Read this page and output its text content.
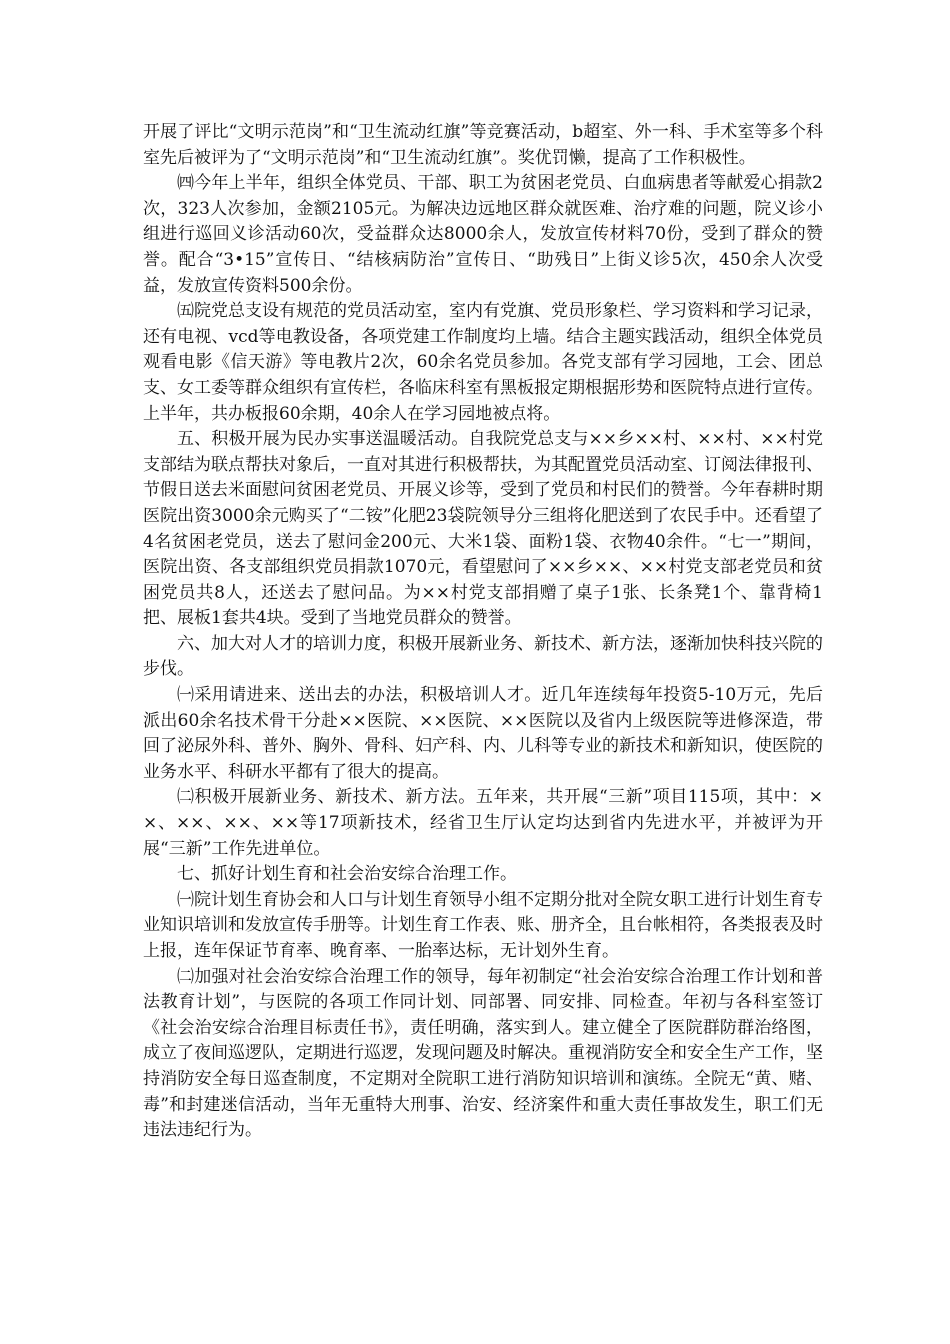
开展了评比“文明示范岗”和“卫生流动红旗”等竞赛活动，b超室、外一科、手术室等多个科室先后被评为了“文明示范岗”和“卫生流动红旗”。奖优罚懒，提高了工作积极性。

㈣今年上半年，组织全体党员、干部、职工为贫困老党员、白血病患者等献爱心捐款2次，323人次参加，金额2105元。为解决边远地区群众就医难、治疗难的问题，院义诊小组进行巡回义诊活动60次，受益群众达8000余人，发放宣传材料70份，受到了群众的赞誉。配合“3•15”宣传日、“结核病防治”宣传日、“助残日”上街义诊5次，450余人次受益，发放宣传资料500余份。

㈤院党总支设有规范的党员活动室，室内有党旗、党员形象栏、学习资料和学习记录，还有电视、vcd等电教设备，各项党建工作制度均上墙。结合主题实践活动，组织全体党员观看电影《信天游》等电教片2次，60余名党员参加。各党支部有学习园地，工会、团总支、女工委等群众组织有宣传栏，各临床科室有黑板报定期根据形势和医院特点进行宣传。上半年，共办板报60余期，40余人在学习园地被点将。

五、积极开展为民办实事送温暖活动。自我院党总支与××乡××村、××村、××村党支部结为联点帮扶对象后，一直对其进行积极帮扶，为其配置党员活动室、订阅法律报刊、节假日送去米面慰问贫困老党员、开展义诊等，受到了党员和村民们的赞誉。今年春耕时期医院出资3000余元购买了“二铵”化肥23袋院领导分三组将化肥送到了农民手中。还看望了4名贫困老党员，送去了慰问金200元、大米1袋、面粉1袋、衣物40余件。“七一”期间，医院出资、各支部组织党员捐款1070元，看望慰问了××乡××、××村党支部老党员和贫困党员共8人，还送去了慰问品。为××村党支部捐赠了桌子1张、长条凳1个、靠背椅1把、展板1套共4块。受到了当地党员群众的赞誉。

六、加大对人才的培训力度，积极开展新业务、新技术、新方法，逐渐加快科技兴院的步伐。

㈠采用请进来、送出去的办法，积极培训人才。近几年连续每年投资5-10万元，先后派出60余名技术骨干分赴××医院、××医院、××医院以及省内上级医院等进修深造，带回了泌尿外科、普外、胸外、骨科、妇产科、内、儿科等专业的新技术和新知识，使医院的业务水平、科研水平都有了很大的提高。

㈡积极开展新业务、新技术、新方法。五年来，共开展“三新”项目115项，其中：××、××、××、××等17项新技术，经省卫生厅认定均达到省内先进水平，并被评为开展“三新”工作先进单位。

七、抓好计划生育和社会治安综合治理工作。

㈠院计划生育协会和人口与计划生育领导小组不定期分批对全院女职工进行计划生育专业知识培训和发放宣传手册等。计划生育工作表、账、册齐全，且台帐相符，各类报表及时上报，连年保证节育率、晚育率、一胎率达标，无计划外生育。

㈡加强对社会治安综合治理工作的领导，每年初制定“社会治安综合治理工作计划和普法教育计划”，与医院的各项工作同计划、同部署、同安排、同检查。年初与各科室签订《社会治安综合治理目标责任书》，责任明确，落实到人。建立健全了医院群防群治络图，成立了夜间巡逻队，定期进行巡逻，发现问题及时解决。重视消防安全和安全生产工作，坚持消防安全每日巡查制度，不定期对全院职工进行消防知识培训和演练。全院无“黄、赌、毒”和封建迷信活动，当年无重特大刑事、治安、经济案件和重大责任事故发生，职工们无违法违纪行为。
